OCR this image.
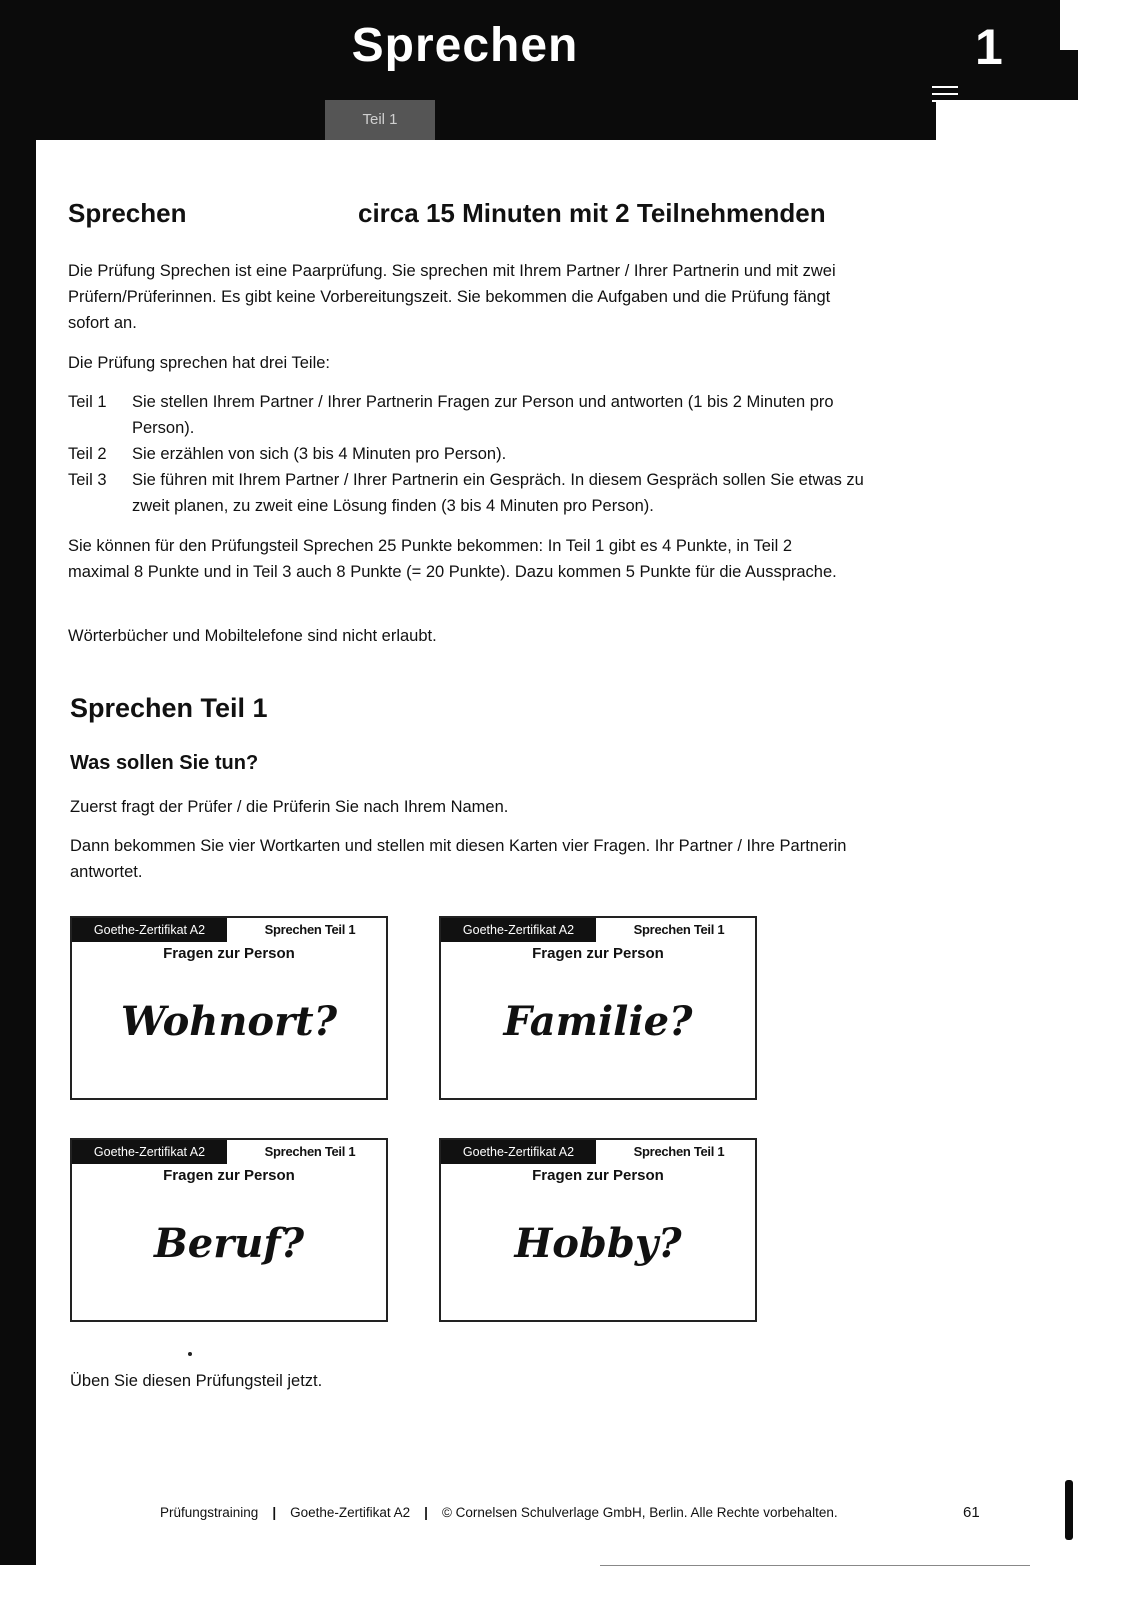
Teil 1
Sprechen	1
Sprechen	circa 15 Minuten mit 2 Teilnehmenden
Die Prüfung Sprechen ist eine Paarprüfung. Sie sprechen mit Ihrem Partner / Ihrer Partnerin und mit zwei Prüfern/Prüferinnen. Es gibt keine Vorbereitungszeit. Sie bekommen die Aufgaben und die Prüfung fängt sofort an.
Die Prüfung sprechen hat drei Teile:
Teil 1	Sie stellen Ihrem Partner / Ihrer Partnerin Fragen zur Person und antworten (1 bis 2 Minuten pro Person).
Teil 2	Sie erzählen von sich (3 bis 4 Minuten pro Person).
Teil 3	Sie führen mit Ihrem Partner / Ihrer Partnerin ein Gespräch. In diesem Gespräch sollen Sie etwas zu zweit planen, zu zweit eine Lösung finden (3 bis 4 Minuten pro Person).
Sie können für den Prüfungsteil Sprechen 25 Punkte bekommen: In Teil 1 gibt es 4 Punkte, in Teil 2 maximal 8 Punkte und in Teil 3 auch 8 Punkte (= 20 Punkte). Dazu kommen 5 Punkte für die Aussprache.
Wörterbücher und Mobiltelefone sind nicht erlaubt.
Sprechen Teil 1
Was sollen Sie tun?
Zuerst fragt der Prüfer / die Prüferin Sie nach Ihrem Namen.
Dann bekommen Sie vier Wortkarten und stellen mit diesen Karten vier Fragen. Ihr Partner / Ihre Partnerin antwortet.
Goethe-Zertifikat A2	Sprechen Teil 1
Fragen zur Person
Wohnort?
Goethe-Zertifikat A2	Sprechen Teil 1
Fragen zur Person
Familie?
Goethe-Zertifikat A2	Sprechen Teil 1
Fragen zur Person
Beruf?
Goethe-Zertifikat A2	Sprechen Teil 1
Fragen zur Person
Hobby?
Üben Sie diesen Prüfungsteil jetzt.
Prüfungstraining | Goethe-Zertifikat A2 | © Cornelsen Schulverlage GmbH, Berlin. Alle Rechte vorbehalten.	61
